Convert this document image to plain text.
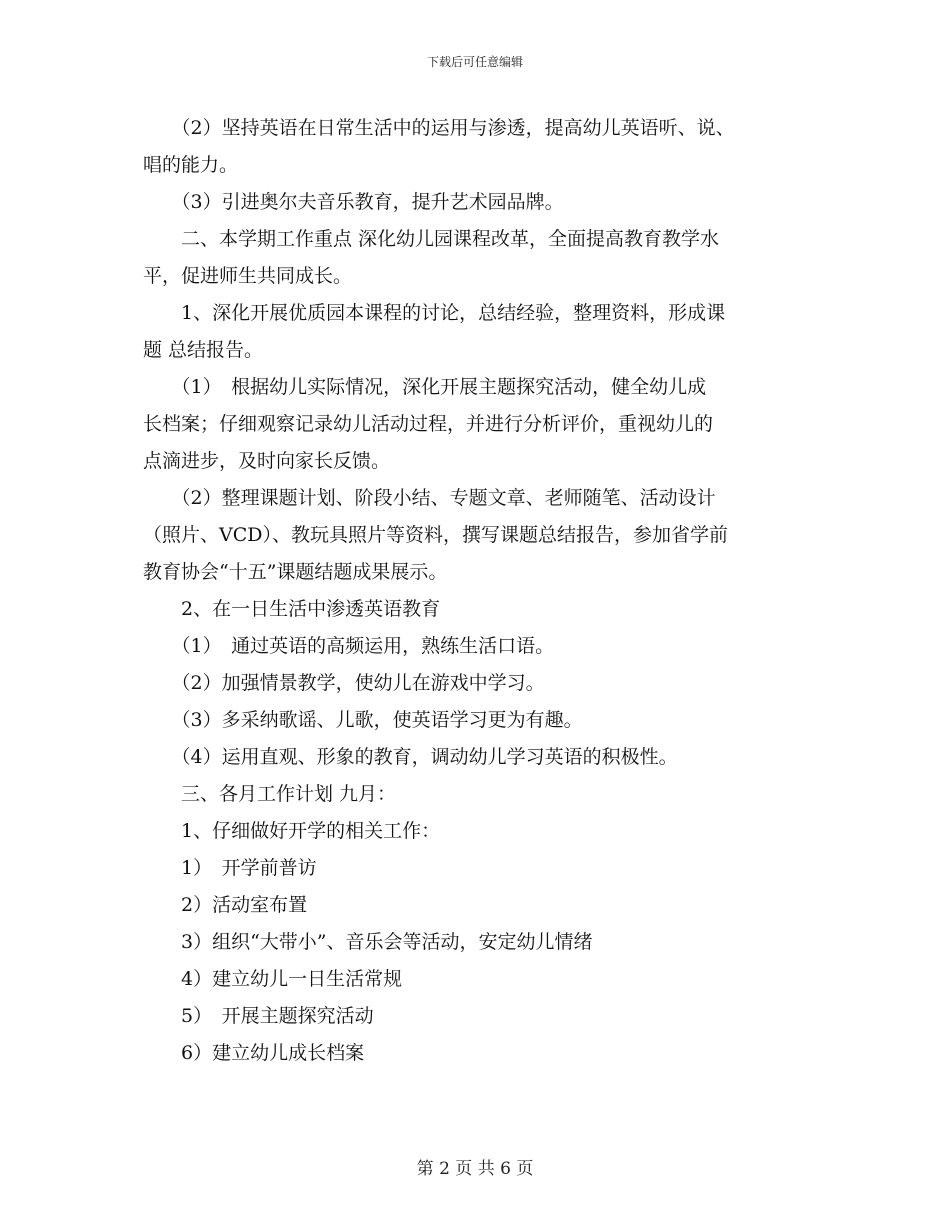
下载后可任意编辑
　　（2）坚持英语在日常生活中的运用与渗透，提高幼儿英语听、说、
唱的能力。
　　（3）引进奥尔夫音乐教育，提升艺术园品牌。
　　二、本学期工作重点 深化幼儿园课程改革，全面提高教育教学水
平，促进师生共同成长。
　　1、深化开展优质园本课程的讨论，总结经验，整理资料，形成课
题 总结报告。
　　（1）　根据幼儿实际情况，深化开展主题探究活动，健全幼儿成
长档案；仔细观察记录幼儿活动过程，并进行分析评价，重视幼儿的
点滴进步，及时向家长反馈。
　　（2）整理课题计划、阶段小结、专题文章、老师随笔、活动设计
（照片、VCD）、教玩具照片等资料，撰写课题总结报告，参加省学前
教育协会“十五”课题结题成果展示。
　　2、在一日生活中渗透英语教育
　　（1）　通过英语的高频运用，熟练生活口语。
　　（2）加强情景教学，使幼儿在游戏中学习。
　　（3）多采纳歌谣、儿歌，使英语学习更为有趣。
　　（4）运用直观、形象的教育，调动幼儿学习英语的积极性。
　　三、各月工作计划 九月：
　　1、仔细做好开学的相关工作：
　　1）　开学前普访
　　2）活动室布置
　　3）组织“大带小”、音乐会等活动，安定幼儿情绪
　　4）建立幼儿一日生活常规
　　5）　开展主题探究活动
　　6）建立幼儿成长档案
第 2 页 共 6 页
